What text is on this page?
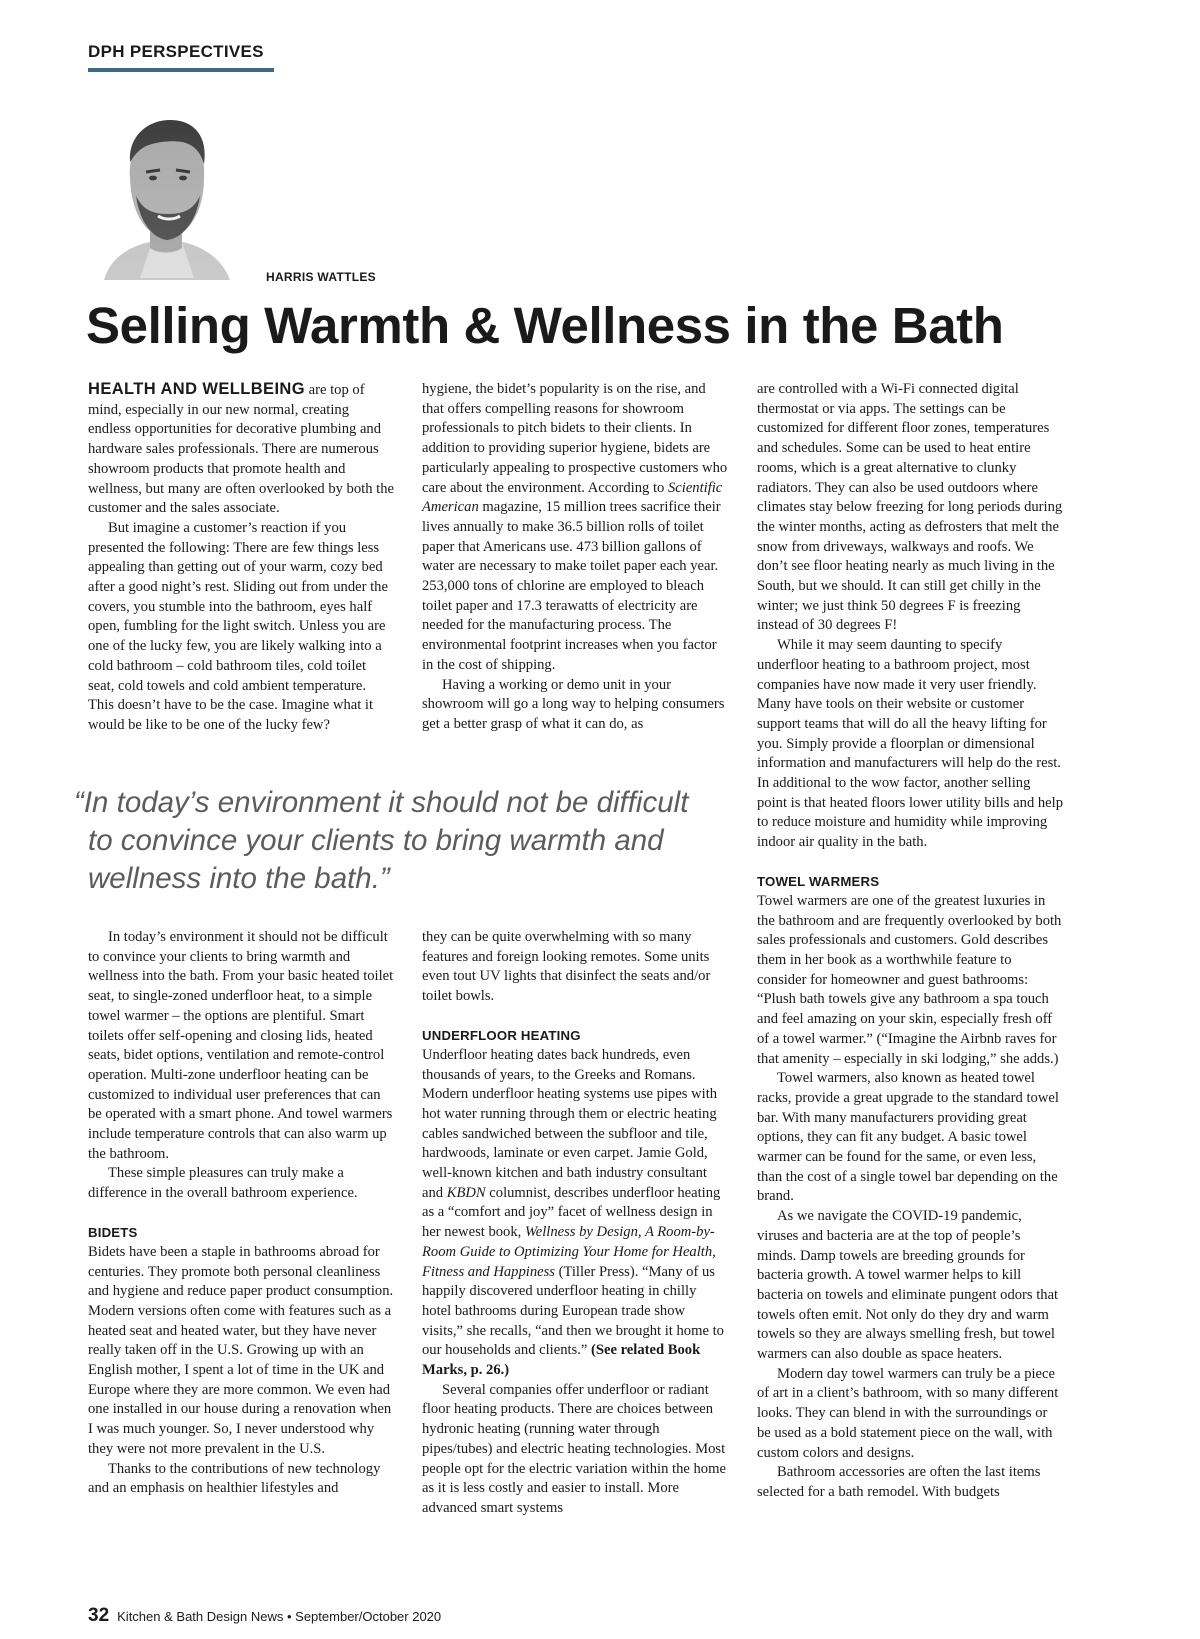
DPH PERSPECTIVES
HARRIS WATTLES
Selling Warmth & Wellness in the Bath

HEALTH AND WELLBEING are top of mind, especially in our new normal, creating endless opportunities for decorative plumbing and hardware sales professionals. There are numerous showroom products that promote health and wellness, but many are often overlooked by both the customer and the sales associate.

But imagine a customer’s reaction if you presented the following: There are few things less appealing than getting out of your warm, cozy bed after a good night’s rest. Sliding out from under the covers, you stumble into the bathroom, eyes half open, fumbling for the light switch. Unless you are one of the lucky few, you are likely walking into a cold bathroom – cold bathroom tiles, cold toilet seat, cold towels and cold ambient temperature. This doesn’t have to be the case. Imagine what it would be like to be one of the lucky few?

hygiene, the bidet’s popularity is on the rise, and that offers compelling reasons for showroom professionals to pitch bidets to their clients. In addition to providing superior hygiene, bidets are particularly appealing to prospective customers who care about the environment. According to Scientific American magazine, 15 million trees sacrifice their lives annually to make 36.5 billion rolls of toilet paper that Americans use. 473 billion gallons of water are necessary to make toilet paper each year. 253,000 tons of chlorine are employed to bleach toilet paper and 17.3 terawatts of electricity are needed for the manufacturing process. The environmental footprint increases when you factor in the cost of shipping.

Having a working or demo unit in your showroom will go a long way to helping consumers get a better grasp of what it can do, as

are controlled with a Wi-Fi connected digital thermostat or via apps. The settings can be customized for different floor zones, temperatures and schedules. Some can be used to heat entire rooms, which is a great alternative to clunky radiators. They can also be used outdoors where climates stay below freezing for long periods during the winter months, acting as defrosters that melt the snow from driveways, walkways and roofs. We don’t see floor heating nearly as much living in the South, but we should. It can still get chilly in the winter; we just think 50 degrees F is freezing instead of 30 degrees F!

While it may seem daunting to specify underfloor heating to a bathroom project, most companies have now made it very user friendly. Many have tools on their website or customer support teams that will do all the heavy lifting for you. Simply provide a floorplan or dimensional information and manufacturers will help do the rest. In additional to the wow factor, another selling point is that heated floors lower utility bills and help to reduce moisture and humidity while improving indoor air quality in the bath.

TOWEL WARMERS

Towel warmers are one of the greatest luxuries in the bathroom and are frequently overlooked by both sales professionals and customers. Gold describes them in her book as a worthwhile feature to consider for homeowner and guest bathrooms: “Plush bath towels give any bathroom a spa touch and feel amazing on your skin, especially fresh off of a towel warmer.” (“Imagine the Airbnb raves for that amenity – especially in ski lodging,” she adds.)

Towel warmers, also known as heated towel racks, provide a great upgrade to the standard towel bar. With many manufacturers providing great options, they can fit any budget. A basic towel warmer can be found for the same, or even less, than the cost of a single towel bar depending on the brand.

As we navigate the COVID-19 pandemic, viruses and bacteria are at the top of people’s minds. Damp towels are breeding grounds for bacteria growth. A towel warmer helps to kill bacteria on towels and eliminate pungent odors that towels often emit. Not only do they dry and warm towels so they are always smelling fresh, but towel warmers can also double as space heaters.

Modern day towel warmers can truly be a piece of art in a client’s bathroom, with so many different looks. They can blend in with the surroundings or be used as a bold statement piece on the wall, with custom colors and designs.

Bathroom accessories are often the last items selected for a bath remodel. With budgets

“In today’s environment it should not be difficult
to convince your clients to bring warmth and
wellness into the bath.”

In today’s environment it should not be difficult to convince your clients to bring warmth and wellness into the bath. From your basic heated toilet seat, to single-zoned underfloor heat, to a simple towel warmer – the options are plentiful. Smart toilets offer self-opening and closing lids, heated seats, bidet options, ventilation and remote-control operation. Multi-zone underfloor heating can be customized to individual user preferences that can be operated with a smart phone. And towel warmers include temperature controls that can also warm up the bathroom.

These simple pleasures can truly make a difference in the overall bathroom experience.

BIDETS

Bidets have been a staple in bathrooms abroad for centuries. They promote both personal cleanliness and hygiene and reduce paper product consumption. Modern versions often come with features such as a heated seat and heated water, but they have never really taken off in the U.S. Growing up with an English mother, I spent a lot of time in the UK and Europe where they are more common. We even had one installed in our house during a renovation when I was much younger. So, I never understood why they were not more prevalent in the U.S.

Thanks to the contributions of new technology and an emphasis on healthier lifestyles and

they can be quite overwhelming with so many features and foreign looking remotes. Some units even tout UV lights that disinfect the seats and/or toilet bowls.

UNDERFLOOR HEATING

Underfloor heating dates back hundreds, even thousands of years, to the Greeks and Romans. Modern underfloor heating systems use pipes with hot water running through them or electric heating cables sandwiched between the subfloor and tile, hardwoods, laminate or even carpet. Jamie Gold, well-known kitchen and bath industry consultant and KBDN columnist, describes underfloor heating as a “comfort and joy” facet of wellness design in her newest book, Wellness by Design, A Room-by-Room Guide to Optimizing Your Home for Health, Fitness and Happiness (Tiller Press). “Many of us happily discovered underfloor heating in chilly hotel bathrooms during European trade show visits,” she recalls, “and then we brought it home to our households and clients.” (See related Book Marks, p. 26.)

Several companies offer underfloor or radiant floor heating products. There are choices between hydronic heating (running water through pipes/tubes) and electric heating technologies. Most people opt for the electric variation within the home as it is less costly and easier to install. More advanced smart systems

32 Kitchen & Bath Design News • September/October 2020
